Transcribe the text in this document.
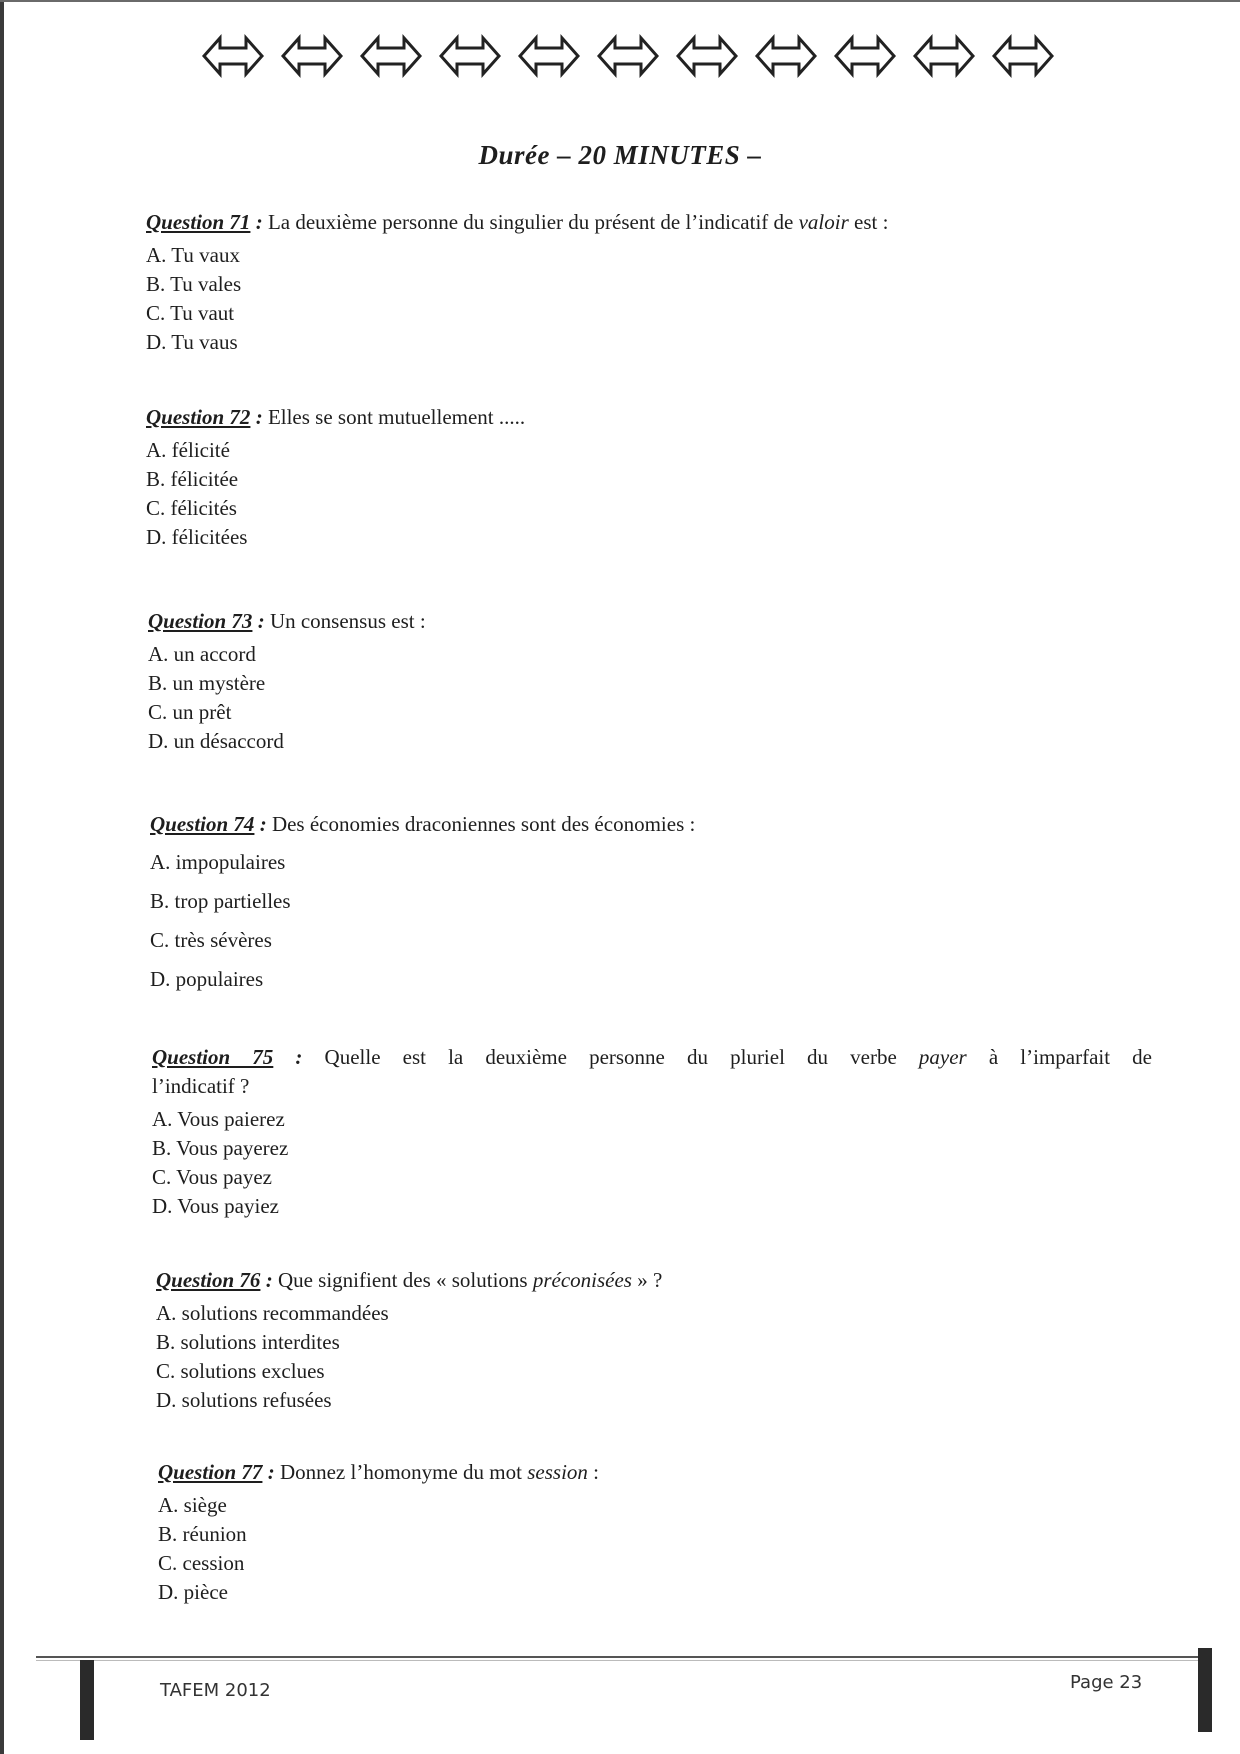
Durée – 20 MINUTES –
Question 71 : La deuxième personne du singulier du présent de l’indicatif de valoir est :
A. Tu vaux
B. Tu vales
C. Tu vaut
D. Tu vaus
Question 72 : Elles se sont mutuellement .....
A. félicité
B. félicitée
C. félicités
D. félicitées
Question 73 : Un consensus est :
A. un accord
B. un mystère
C. un prêt
D. un désaccord
Question 74 : Des économies draconiennes sont des économies :
A. impopulaires
B. trop partielles
C. très sévères
D. populaires
Question 75 : Quelle est la deuxième personne du pluriel du verbe payer à l’imparfait de
l’indicatif ?
A. Vous paierez
B. Vous payerez
C. Vous payez
D. Vous payiez
Question 76 : Que signifient des « solutions préconisées » ?
A. solutions recommandées
B. solutions interdites
C. solutions exclues
D. solutions refusées
Question 77 : Donnez l’homonyme du mot session :
A. siège
B. réunion
C. cession
D. pièce
TAFEM 2012	Page 23
